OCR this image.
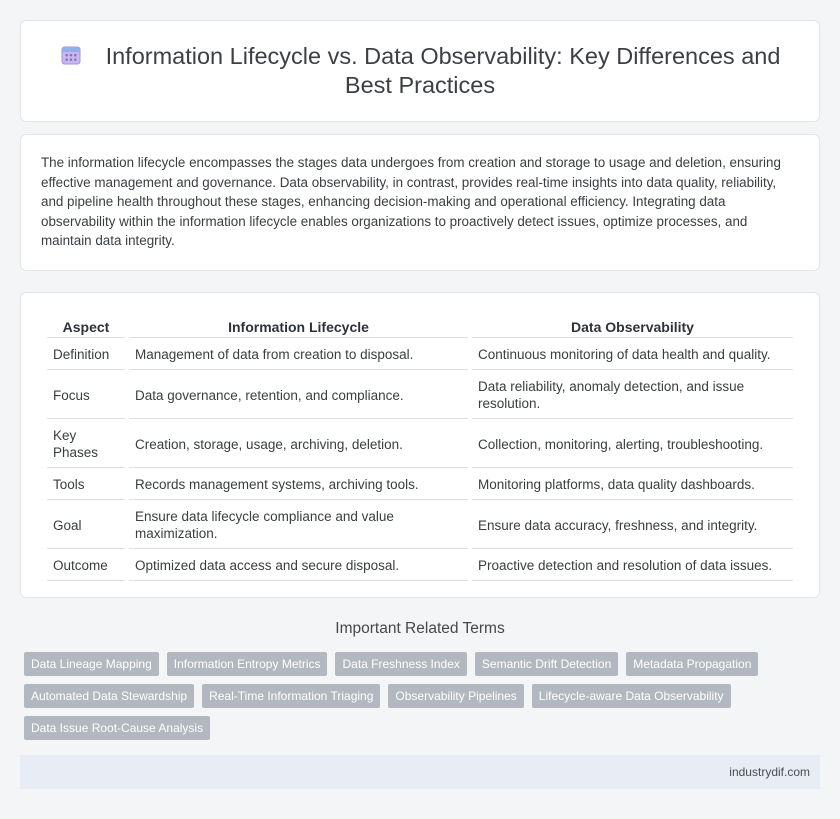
Information Lifecycle vs. Data Observability: Key Differences and Best Practices

The information lifecycle encompasses the stages data undergoes from creation and storage to usage and deletion, ensuring effective management and governance. Data observability, in contrast, provides real-time insights into data quality, reliability, and pipeline health throughout these stages, enhancing decision-making and operational efficiency. Integrating data observability within the information lifecycle enables organizations to proactively detect issues, optimize processes, and maintain data integrity.

Aspect	Information Lifecycle	Data Observability
Definition	Management of data from creation to disposal.	Continuous monitoring of data health and quality.
Focus	Data governance, retention, and compliance.	Data reliability, anomaly detection, and issue resolution.
Key Phases	Creation, storage, usage, archiving, deletion.	Collection, monitoring, alerting, troubleshooting.
Tools	Records management systems, archiving tools.	Monitoring platforms, data quality dashboards.
Goal	Ensure data lifecycle compliance and value maximization.	Ensure data accuracy, freshness, and integrity.
Outcome	Optimized data access and secure disposal.	Proactive detection and resolution of data issues.
Important Related Terms
Data Lineage Mapping	Information Entropy Metrics	Data Freshness Index	Semantic Drift Detection	Metadata Propagation
Automated Data Stewardship	Real-Time Information Triaging	Observability Pipelines	Lifecycle-aware Data Observability
Data Issue Root-Cause Analysis
industrydif.com
